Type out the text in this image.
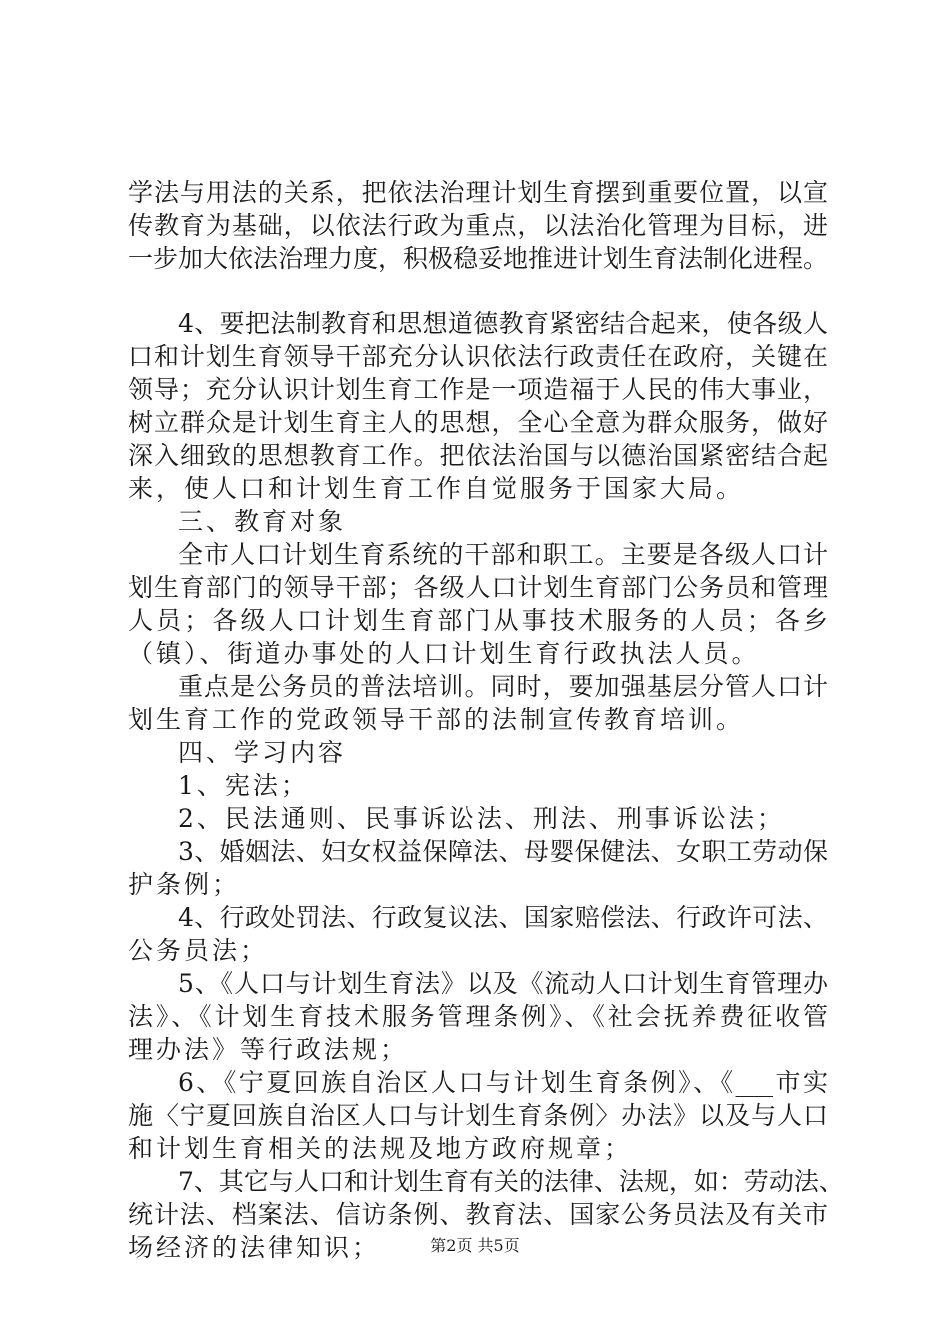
学法与用法的关系，把依法治理计划生育摆到重要位置，以宣
传教育为基础，以依法行政为重点，以法治化管理为目标，进
一步加大依法治理力度，积极稳妥地推进计划生育法制化进程。
4、要把法制教育和思想道德教育紧密结合起来，使各级人
口和计划生育领导干部充分认识依法行政责任在政府，关键在
领导；充分认识计划生育工作是一项造福于人民的伟大事业，
树立群众是计划生育主人的思想，全心全意为群众服务，做好
深入细致的思想教育工作。把依法治国与以德治国紧密结合起
来，使人口和计划生育工作自觉服务于国家大局。
三、教育对象
全市人口计划生育系统的干部和职工。主要是各级人口计
划生育部门的领导干部；各级人口计划生育部门公务员和管理
人员；各级人口计划生育部门从事技术服务的人员；各乡
（镇）、街道办事处的人口计划生育行政执法人员。
重点是公务员的普法培训。同时，要加强基层分管人口计
划生育工作的党政领导干部的法制宣传教育培训。
四、学习内容
1、宪法；
2、民法通则、民事诉讼法、刑法、刑事诉讼法；
3、婚姻法、妇女权益保障法、母婴保健法、女职工劳动保
护条例；
4、行政处罚法、行政复议法、国家赔偿法、行政许可法、
公务员法；
5、《人口与计划生育法》以及《流动人口计划生育管理办
法》、《计划生育技术服务管理条例》、《社会抚养费征收管
理办法》等行政法规；
6、《宁夏回族自治区人口与计划生育条例》、《___市实
施〈宁夏回族自治区人口与计划生育条例〉办法》以及与人口
和计划生育相关的法规及地方政府规章；
7、其它与人口和计划生育有关的法律、法规，如：劳动法、
统计法、档案法、信访条例、教育法、国家公务员法及有关市
场经济的法律知识；	第2页 共5页
